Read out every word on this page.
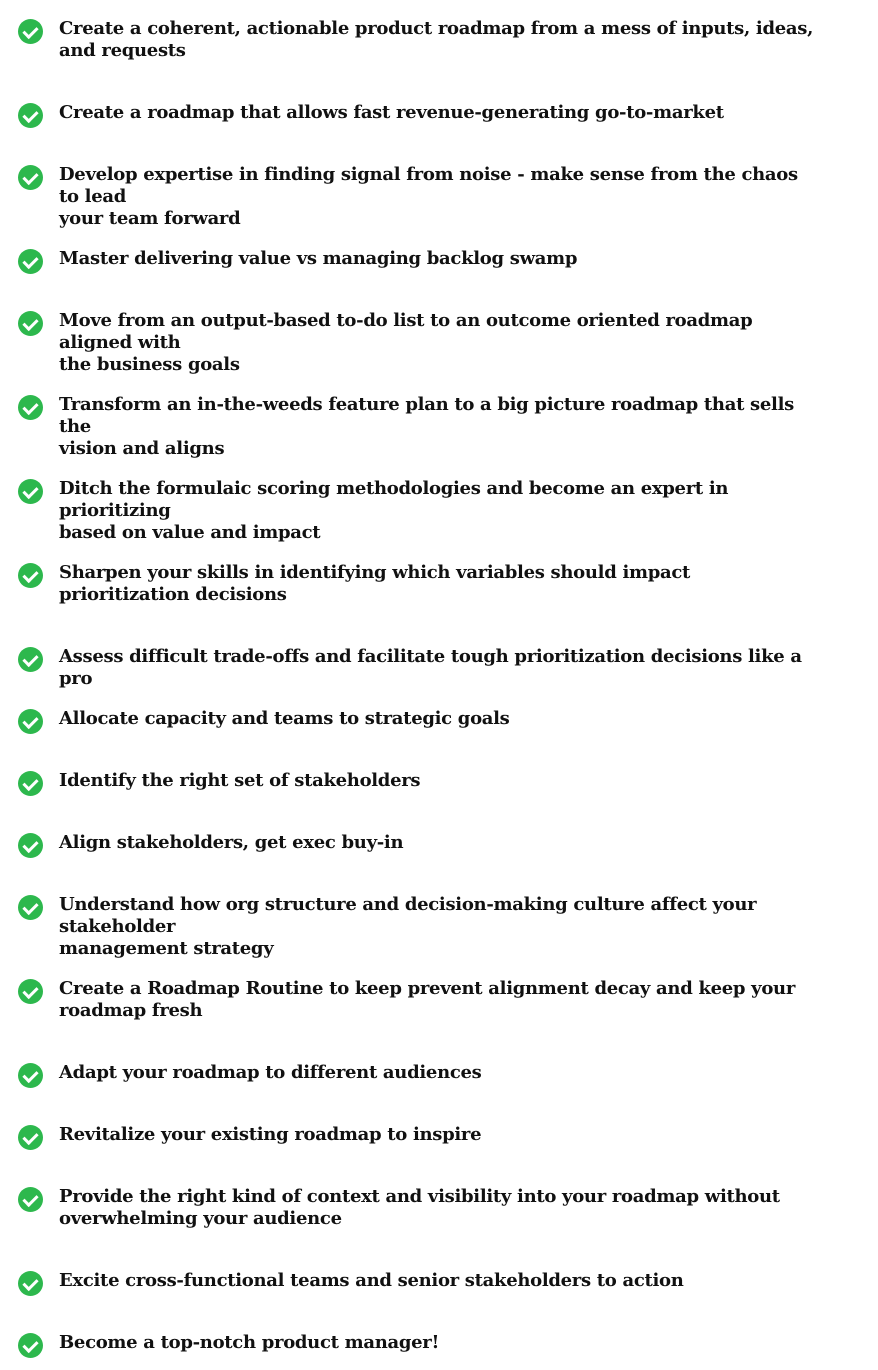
Create a coherent, actionable product roadmap from a mess of inputs, ideas,
and requests
Create a roadmap that allows fast revenue-generating go-to-market
Develop expertise in finding signal from noise - make sense from the chaos to lead
your team forward
Master delivering value vs managing backlog swamp
Move from an output-based to-do list to an outcome oriented roadmap aligned with
the business goals
Transform an in-the-weeds feature plan to a big picture roadmap that sells the
vision and aligns
Ditch the formulaic scoring methodologies and become an expert in prioritizing
based on value and impact
Sharpen your skills in identifying which variables should impact
prioritization decisions
Assess difficult trade-offs and facilitate tough prioritization decisions like a pro
Allocate capacity and teams to strategic goals
Identify the right set of stakeholders
Align stakeholders, get exec buy-in
Understand how org structure and decision-making culture affect your stakeholder
management strategy
Create a Roadmap Routine to keep prevent alignment decay and keep your
roadmap fresh
Adapt your roadmap to different audiences
Revitalize your existing roadmap to inspire
Provide the right kind of context and visibility into your roadmap without
overwhelming your audience
Excite cross-functional teams and senior stakeholders to action
Become a top-notch product manager!
